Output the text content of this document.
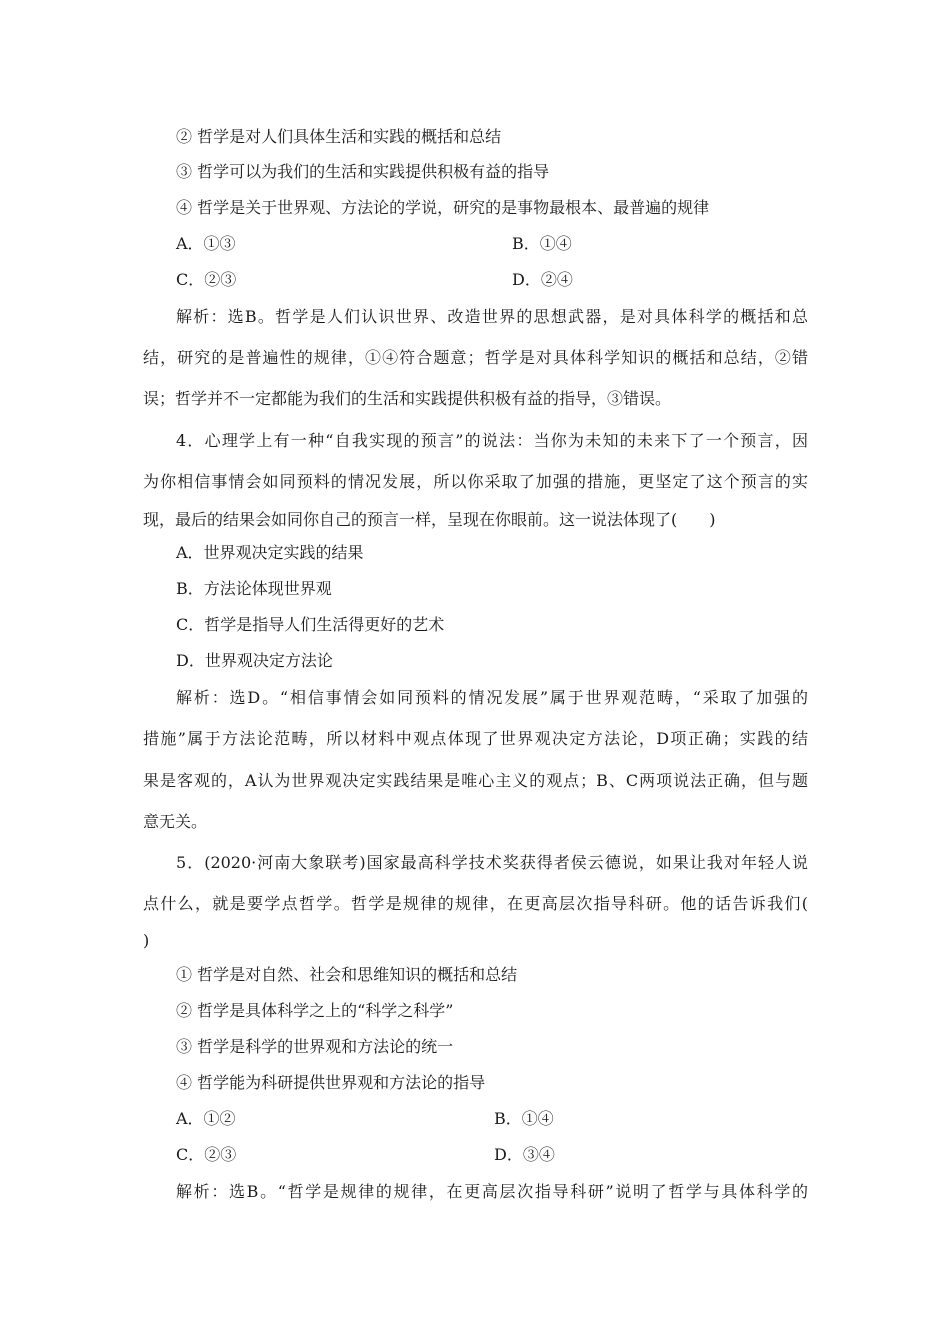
② 哲学是对人们具体生活和实践的概括和总结
③ 哲学可以为我们的生活和实践提供积极有益的指导
④ 哲学是关于世界观、方法论的学说，研究的是事物最根本、最普遍的规律
A．①③	B．①④
C．②③	D．②④
解析：选B。哲学是人们认识世界、改造世界的思想武器，是对具体科学的概括和总
结，研究的是普遍性的规律，①④符合题意；哲学是对具体科学知识的概括和总结，②错
误；哲学并不一定都能为我们的生活和实践提供积极有益的指导，③错误。
4．心理学上有一种“自我实现的预言”的说法：当你为未知的未来下了一个预言，因
为你相信事情会如同预料的情况发展，所以你采取了加强的措施，更坚定了这个预言的实
现，最后的结果会如同你自己的预言一样，呈现在你眼前。这一说法体现了(　　)
A．世界观决定实践的结果
B．方法论体现世界观
C．哲学是指导人们生活得更好的艺术
D．世界观决定方法论
解析：选D。“相信事情会如同预料的情况发展”属于世界观范畴，“采取了加强的
措施”属于方法论范畴，所以材料中观点体现了世界观决定方法论，D项正确；实践的结
果是客观的，A认为世界观决定实践结果是唯心主义的观点；B、C两项说法正确，但与题
意无关。
5．(2020·河南大象联考)国家最高科学技术奖获得者侯云德说，如果让我对年轻人说
点什么，就是要学点哲学。哲学是规律的规律，在更高层次指导科研。他的话告诉我们(
)
① 哲学是对自然、社会和思维知识的概括和总结
② 哲学是具体科学之上的“科学之科学”
③ 哲学是科学的世界观和方法论的统一
④ 哲学能为科研提供世界观和方法论的指导
A．①②	B．①④
C．②③	D．③④
解析：选B。“哲学是规律的规律，在更高层次指导科研”说明了哲学与具体科学的
